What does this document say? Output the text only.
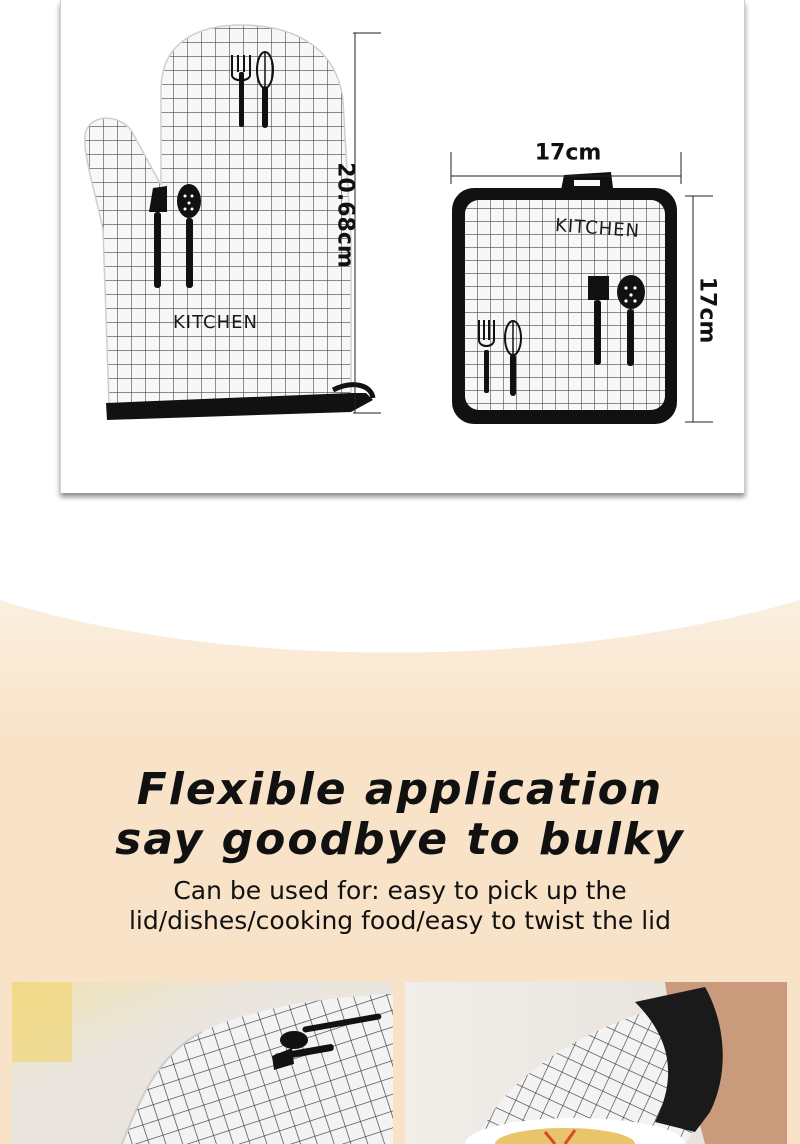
20.68cm
17cm
17cm
KITCHEN
KITCHEN
Flexible application
say goodbye to bulky
Can be used for: easy to pick up the
lid/dishes/cooking food/easy to twist the lid
